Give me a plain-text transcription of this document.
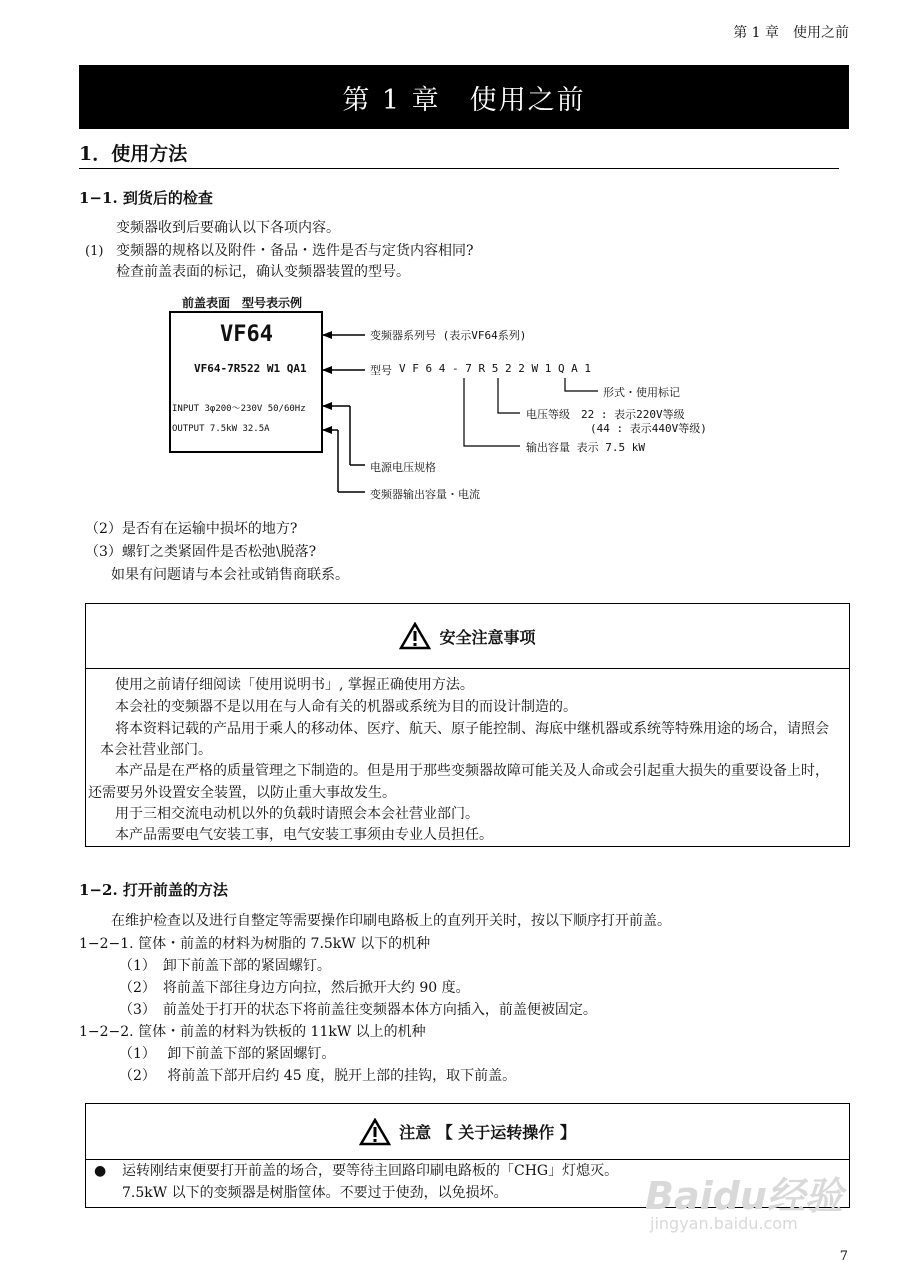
第 1 章　使用之前
第 1 章　使用之前
1．使用方法
1−1. 到货后的检查
变频器收到后要确认以下各项内容。
(1) 变频器的规格以及附件・备品・选件是否与定货内容相同?
检查前盖表面的标记，确认变频器装置的型号。
前盖表面　型号表示例
VF64
VF64-7R522 W1 QA1
INPUT 3φ200～230V 50/60Hz
OUTPUT 7.5kW 32.5A
变频器系列号 (表示VF64系列)
型号 V F 6 4 - 7 R 5 2 2 W 1 Q A 1
形式・使用标记
电压等级　22 : 表示220V等级
(44 : 表示440V等级)
输出容量 表示 7.5 kW
电源电压规格
变频器输出容量・电流
（2）是否有在运输中损坏的地方?
（3）螺钉之类紧固件是否松弛\脱落?
如果有问题请与本会社或销售商联系。
安全注意事项
使用之前请仔细阅读「使用说明书」, 掌握正确使用方法。
本会社的变频器不是以用在与人命有关的机器或系统为目的而设计制造的。
将本资料记载的产品用于乘人的移动体、医疗、航天、原子能控制、海底中继机器或系统等特殊用途的场合，请照会
本会社营业部门。
本产品是在严格的质量管理之下制造的。但是用于那些变频器故障可能关及人命或会引起重大损失的重要设备上时，
还需要另外设置安全装置，以防止重大事故发生。
用于三相交流电动机以外的负载时请照会本会社营业部门。
本产品需要电气安装工事，电气安装工事须由专业人员担任。
1−2. 打开前盖的方法
在维护检查以及进行自整定等需要操作印刷电路板上的直列开关时，按以下顺序打开前盖。
1−2−1. 筐体・前盖的材料为树脂的 7.5kW 以下的机种
（1）　卸下前盖下部的紧固螺钉。
（2）　将前盖下部往身边方向拉，然后掀开大约 90 度。
（3）　前盖处于打开的状态下将前盖往变频器本体方向插入，前盖便被固定。
1−2−2. 筐体・前盖的材料为铁板的 11kW 以上的机种
（1）　 卸下前盖下部的紧固螺钉。
（2）　 将前盖下部开启约 45 度，脱开上部的挂钩，取下前盖。
注意 【 关于运转操作 】
● 运转刚结束便要打开前盖的场合，要等待主回路印刷电路板的「CHG」灯熄灭。
7.5kW 以下的变频器是树脂筐体。不要过于使劲，以免损坏。	Baidu经验
jingyan.baidu.com
7
